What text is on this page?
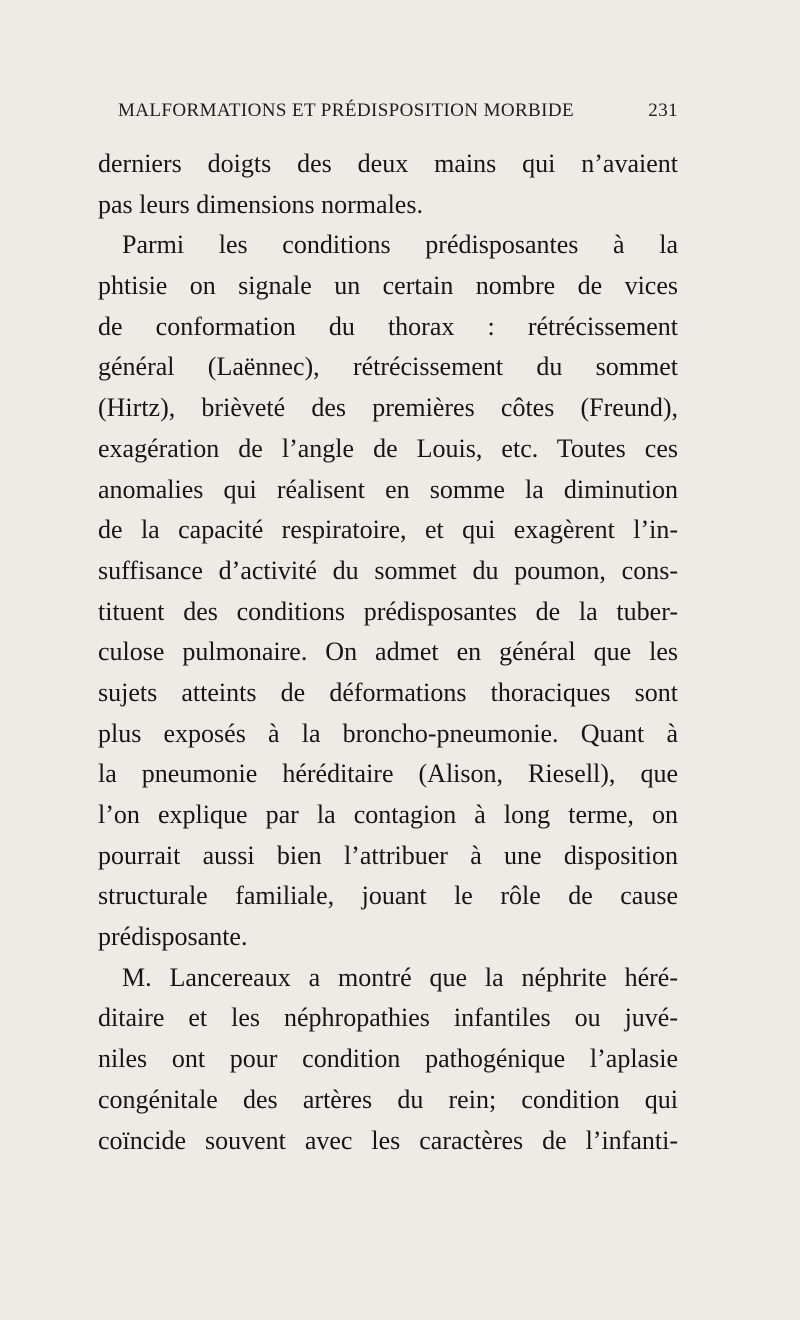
MALFORMATIONS ET PRÉDISPOSITION MORBIDE	231
derniers doigts des deux mains qui n’avaient
pas leurs dimensions normales.
Parmi les conditions prédisposantes à la
phtisie on signale un certain nombre de vices
de conformation du thorax : rétrécissement
général (Laënnec), rétrécissement du sommet
(Hirtz), brièveté des premières côtes (Freund),
exagération de l’angle de Louis, etc. Toutes ces
anomalies qui réalisent en somme la diminution
de la capacité respiratoire, et qui exagèrent l’in-
suffisance d’activité du sommet du poumon, cons-
tituent des conditions prédisposantes de la tuber-
culose pulmonaire. On admet en général que les
sujets atteints de déformations thoraciques sont
plus exposés à la broncho-pneumonie. Quant à
la pneumonie héréditaire (Alison, Riesell), que
l’on explique par la contagion à long terme, on
pourrait aussi bien l’attribuer à une disposition
structurale familiale, jouant le rôle de cause
prédisposante.
M. Lancereaux a montré que la néphrite héré-
ditaire et les néphropathies infantiles ou juvé-
niles ont pour condition pathogénique l’aplasie
congénitale des artères du rein; condition qui
coïncide souvent avec les caractères de l’infanti-
